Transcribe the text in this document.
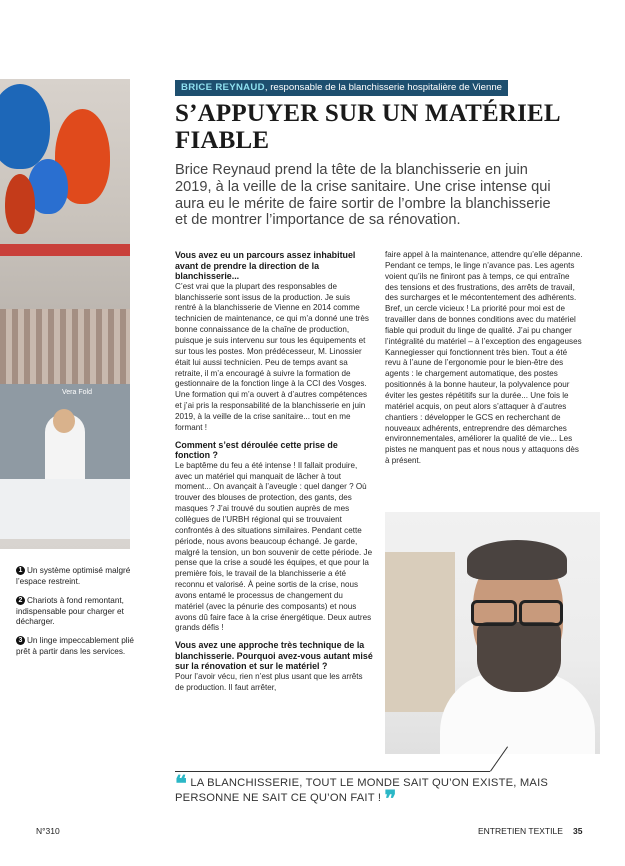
Vera Fold
1 Un système optimisé malgré l’espace restreint.
2 Chariots à fond remontant, indispensable pour charger et décharger.
3 Un linge impeccablement plié prêt à partir dans les services.
BRICE REYNAUD, responsable de la blanchisserie hospitalière de Vienne
S’APPUYER SUR UN MATÉRIEL FIABLE
Brice Reynaud prend la tête de la blanchisserie en juin 2019, à la veille de la crise sanitaire. Une crise intense qui aura eu le mérite de faire sortir de l’ombre la blanchisserie et de montrer l’importance de sa rénovation.

Vous avez eu un parcours assez inhabituel avant de prendre la direction de la blanchisserie...

C’est vrai que la plupart des responsables de blanchisserie sont issus de la production. Je suis rentré à la blanchisserie de Vienne en 2014 comme technicien de maintenance, ce qui m’a donné une très bonne connaissance de la chaîne de production, puisque je suis intervenu sur tous les équipements et sur tous les postes. Mon prédécesseur, M. Linossier était lui aussi technicien. Peu de temps avant sa retraite, il m’a encouragé à suivre la formation de gestionnaire de la fonction linge à la CCI des Vosges. Une formation qui m’a ouvert à d’autres compétences et j’ai pris la responsabilité de la blanchisserie en juin 2019, à la veille de la crise sanitaire... tout en me formant !

Comment s’est déroulée cette prise de fonction ?

Le baptême du feu a été intense ! Il fallait produire, avec un matériel qui manquait de lâcher à tout moment... On avançait à l’aveugle : quel danger ? Où trouver des blouses de protection, des gants, des masques ? J’ai trouvé du soutien auprès de mes collègues de l’URBH régional qui se trouvaient confrontés à des situations similaires. Pendant cette période, nous avons beaucoup échangé. Je garde, malgré la tension, un bon souvenir de cette période. Je pense que la crise a soudé les équipes, et que pour la première fois, le travail de la blanchisserie a été reconnu et valorisé. À peine sortis de la crise, nous avons entamé le processus de changement du matériel (avec la pénurie des composants) et nous avons dû faire face à la crise énergétique. Deux autres grands défis !

Vous avez une approche très technique de la blanchisserie. Pourquoi avez-vous autant misé sur la rénovation et sur le matériel ?

Pour l’avoir vécu, rien n’est plus usant que les arrêts de production. Il faut arrêter,

faire appel à la maintenance, attendre qu’elle dépanne. Pendant ce temps, le linge n’avance pas. Les agents voient qu’ils ne finiront pas à temps, ce qui entraîne des tensions et des frustrations, des arrêts de travail, des surcharges et le mécontentement des adhérents. Bref, un cercle vicieux ! La priorité pour moi est de travailler dans de bonnes conditions avec du matériel fiable qui produit du linge de qualité. J’ai pu changer l’intégralité du matériel – à l’exception des engageuses Kannegiesser qui fonctionnent très bien. Tout a été revu à l’aune de l’ergonomie pour le bien-être des agents : le chargement automatique, des postes positionnés à la bonne hauteur, la polyvalence pour éviter les gestes répétitifs sur la durée... Une fois le matériel acquis, on peut alors s’attaquer à d’autres chantiers : développer le GCS en recherchant de nouveaux adhérents, entreprendre des démarches environnementales, améliorer la qualité de vie... Les pistes ne manquent pas et nous nous y attaquons dès à présent.

❝ LA BLANCHISSERIE, TOUT LE MONDE SAIT QU’ON EXISTE, MAIS PERSONNE NE SAIT CE QU’ON FAIT ! ❞
N°310	ENTRETIEN TEXTILE 35
